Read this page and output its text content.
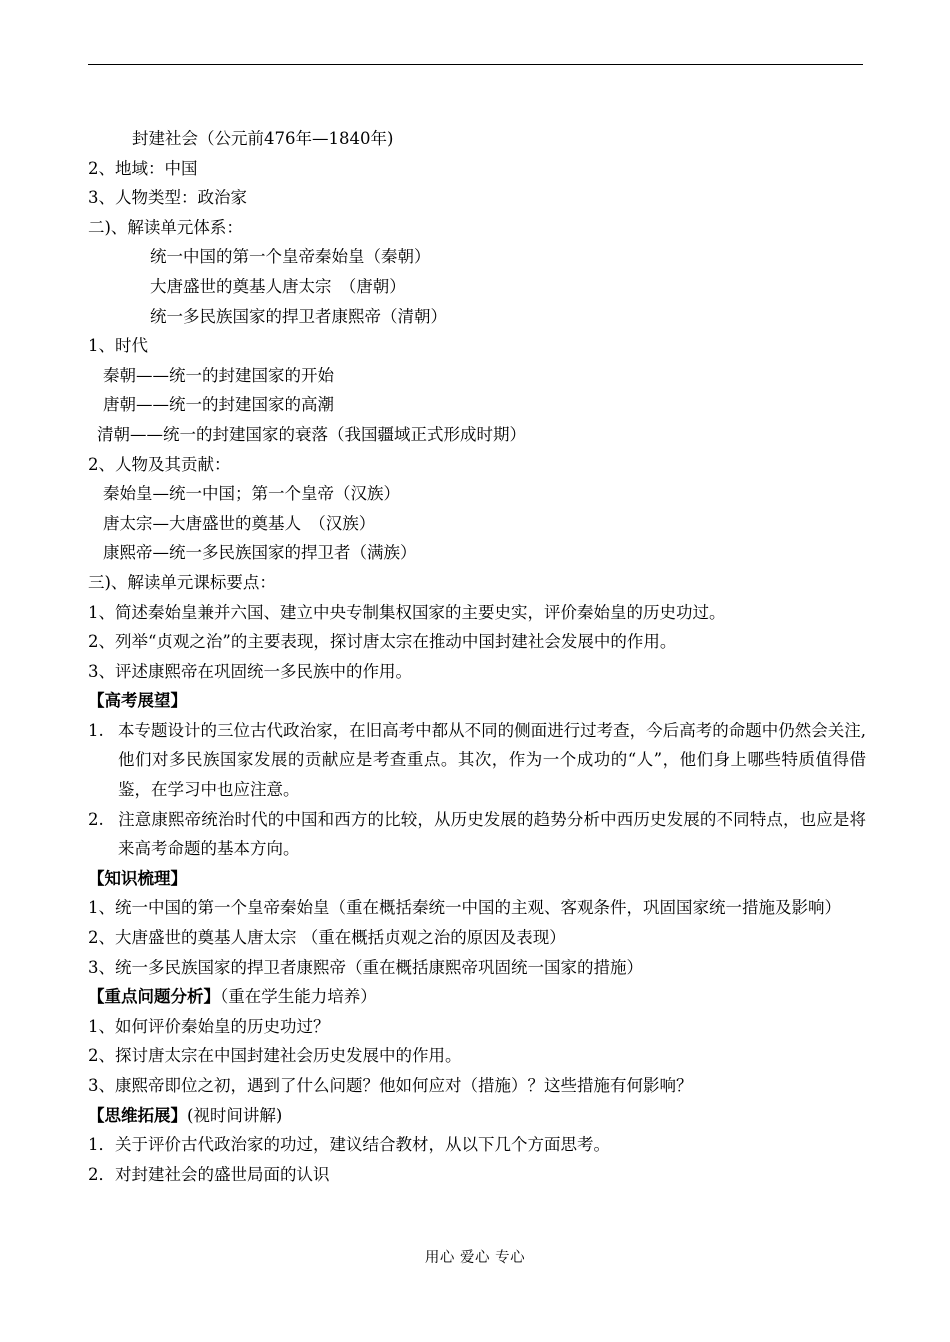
封建社会（公元前476年—1840年)
2、地域：中国
3、人物类型：政治家
二)、解读单元体系：
统一中国的第一个皇帝秦始皇（秦朝）
大唐盛世的奠基人唐太宗　（唐朝）
统一多民族国家的捍卫者康熙帝（清朝）
1、时代
秦朝——统一的封建国家的开始
唐朝——统一的封建国家的高潮
清朝——统一的封建国家的衰落（我国疆域正式形成时期）
2、人物及其贡献：
秦始皇—统一中国；第一个皇帝（汉族）
唐太宗—大唐盛世的奠基人　（汉族）
康熙帝—统一多民族国家的捍卫者（满族）
三)、解读单元课标要点：
1、简述秦始皇兼并六国、建立中央专制集权国家的主要史实，评价秦始皇的历史功过。
2、列举“贞观之治”的主要表现，探讨唐太宗在推动中国封建社会发展中的作用。
3、评述康熙帝在巩固统一多民族中的作用。
【高考展望】
1. 本专题设计的三位古代政治家，在旧高考中都从不同的侧面进行过考查，今后高考的命题中仍然会关注,他们对多民族国家发展的贡献应是考查重点。其次，作为一个成功的“人”，他们身上哪些特质值得借鉴，在学习中也应注意。
2. 注意康熙帝统治时代的中国和西方的比较，从历史发展的趋势分析中西历史发展的不同特点，也应是将来高考命题的基本方向。
【知识梳理】
1、统一中国的第一个皇帝秦始皇（重在概括秦统一中国的主观、客观条件，巩固国家统一措施及影响）
2、大唐盛世的奠基人唐太宗 （重在概括贞观之治的原因及表现）
3、统一多民族国家的捍卫者康熙帝（重在概括康熙帝巩固统一国家的措施）
【重点问题分析】（重在学生能力培养）
1、如何评价秦始皇的历史功过？
2、探讨唐太宗在中国封建社会历史发展中的作用。
3、康熙帝即位之初，遇到了什么问题？他如何应对（措施）？这些措施有何影响？
【思维拓展】(视时间讲解)
1．关于评价古代政治家的功过，建议结合教材，从以下几个方面思考。
2．对封建社会的盛世局面的认识
用心 爱心 专心
